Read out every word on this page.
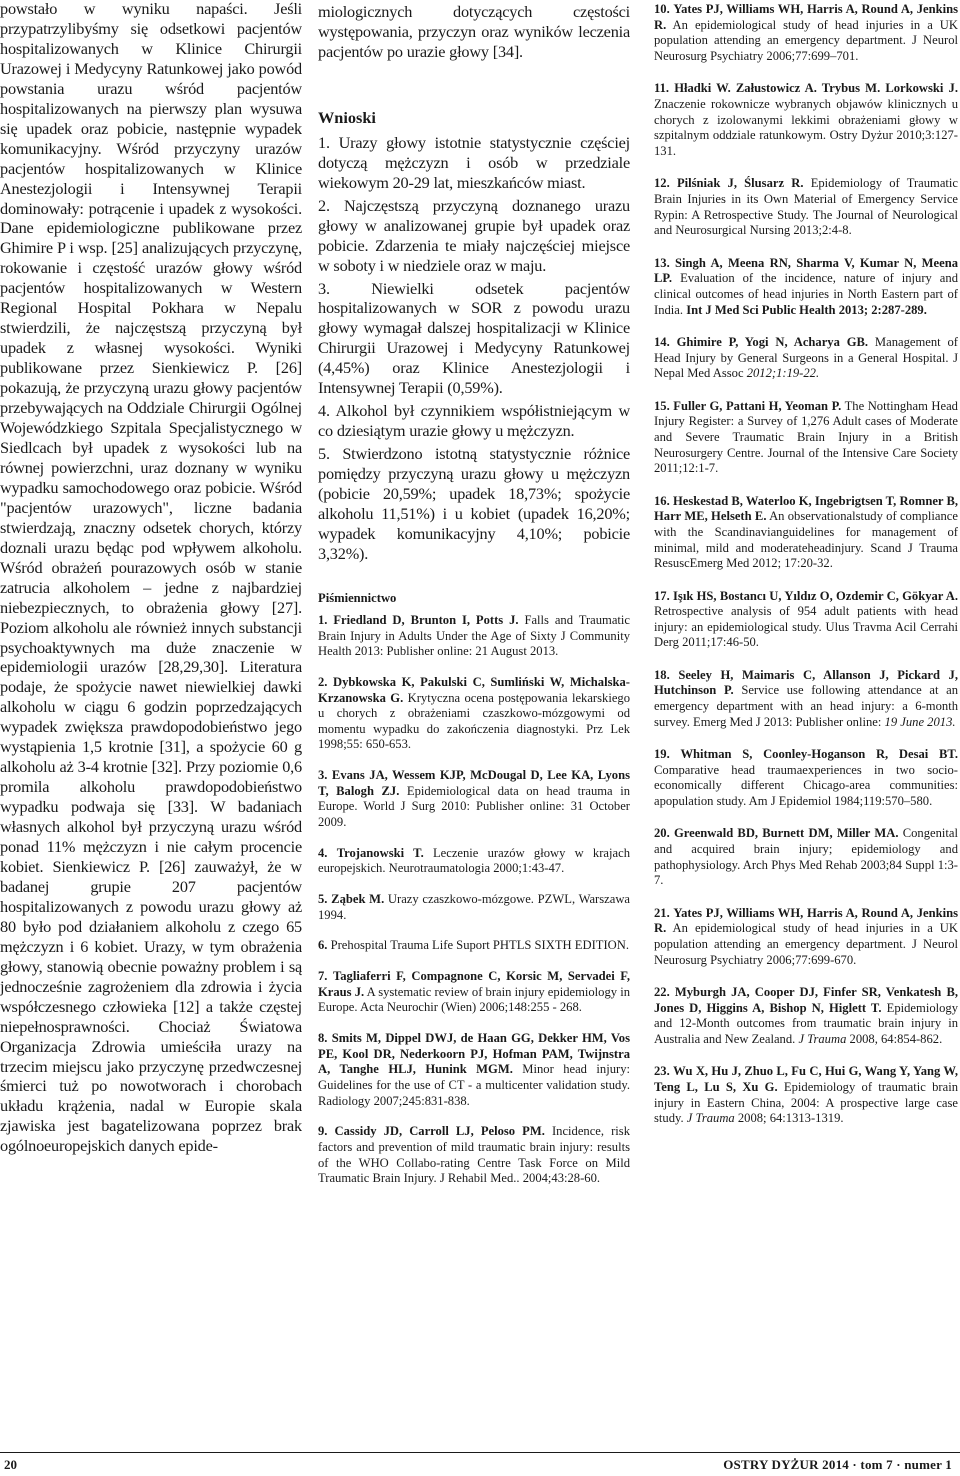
powstało w wyniku napaści. Jeśli przypatrzylibyśmy się odsetkowi pacjentów hospitalizowanych w Klinice Chirurgii Urazowej i Medycyny Ratunkowej jako powód powstania urazu wśród pacjentów hospitalizowanych na pierwszy plan wysuwa się upadek oraz pobicie, następnie wypadek komunikacyjny. Wśród przyczyny urazów pacjentów hospitalizowanych w Klinice Anestezjologii i Intensywnej Terapii dominowały: potrącenie i upadek z wysokości. Dane epidemiologiczne publikowane przez Ghimire P i wsp. [25] analizujących przyczynę, rokowanie i częstość urazów głowy wśród pacjentów hospitalizowanych w Western Regional Hospital Pokhara w Nepalu stwierdzili, że najczęstszą przyczyną był upadek z własnej wysokości. Wyniki publikowane przez Sienkiewicz P. [26] pokazują, że przyczyną urazu głowy pacjentów przebywających na Oddziale Chirurgii Ogólnej Wojewódzkiego Szpitala Specjalistycznego w Siedlcach był upadek z wysokości lub na równej powierzchni, uraz doznany w wyniku wypadku samochodowego oraz pobicie. Wśród "pacjentów urazowych", liczne badania stwierdzają, znaczny odsetek chorych, którzy doznali urazu będąc pod wpływem alkoholu. Wśród obrażeń pourazowych osób w stanie zatrucia alkoholem – jedne z najbardziej niebezpiecznych, to obrażenia głowy [27]. Poziom alkoholu ale również innych substancji psychoaktywnych ma duże znaczenie w epidemiologii urazów [28,29,30]. Literatura podaje, że spożycie nawet niewielkiej dawki alkoholu w ciągu 6 godzin poprzedzających wypadek zwiększa prawdopodobieństwo jego wystąpienia 1,5 krotnie [31], a spożycie 60 g alkoholu aż 3-4 krotnie [32]. Przy poziomie 0,6 promila alkoholu prawdopodobieństwo wypadku podwaja się [33]. W badaniach własnych alkohol był przyczyną urazu wśród ponad 11% mężczyzn i nie całym procencie kobiet. Sienkiewicz P. [26] zauważył, że w badanej grupie 207 pacjentów hospitalizowanych z powodu urazu głowy aż 80 było pod działaniem alkoholu z czego 65 mężczyzn i 6 kobiet. Urazy, w tym obrażenia głowy, stanowią obecnie poważny problem i są jednocześnie zagrożeniem dla zdrowia i życia współczesnego człowieka [12] a także częstej niepełnosprawności. Chociaż Światowa Organizacja Zdrowia umieściła urazy na trzecim miejscu jako przyczynę przedwczesnej śmierci tuż po nowotworach i chorobach układu krążenia, nadal w Europie skala zjawiska jest bagatelizowana poprzez brak ogólnoeuropejskich danych epide-
miologicznych dotyczących częstości występowania, przyczyn oraz wyników leczenia pacjentów po urazie głowy [34].
Wnioski
1. Urazy głowy istotnie statystycznie częściej dotyczą mężczyzn i osób w przedziale wiekowym 20-29 lat, mieszkańców miast.
2. Najczęstszą przyczyną doznanego urazu głowy w analizowanej grupie był upadek oraz pobicie. Zdarzenia te miały najczęściej miejsce w soboty i w niedziele oraz w maju.
3. Niewielki odsetek pacjentów hospitalizowanych w SOR z powodu urazu głowy wymagał dalszej hospitalizacji w Klinice Chirurgii Urazowej i Medycyny Ratunkowej (4,45%) oraz Klinice Anestezjologii i Intensywnej Terapii (0,59%).
4. Alkohol był czynnikiem współistniejącym w co dziesiątym urazie głowy u mężczyzn.
5. Stwierdzono istotną statystycznie różnice pomiędzy przyczyną urazu głowy u mężczyzn (pobicie 20,59%; upadek 18,73%; spożycie alkoholu 11,51%) i u kobiet (upadek 16,20%; wypadek komunikacyjny 4,10%; pobicie 3,32%).
Piśmiennictwo
1. Friedland D, Brunton I, Potts J. Falls and Traumatic Brain Injury in Adults Under the Age of Sixty J Community Health 2013: Publisher online: 21 August 2013.
2. Dybkowska K, Pakulski C, Sumliński W, Michalska-Krzanowska G. Krytyczna ocena postępowania lekarskiego u chorych z obrażeniami czaszkowo-mózgowymi od momentu wypadku do zakończenia diagnostyki. Prz Lek 1998;55: 650-653.
3. Evans JA, Wessem KJP, McDougal D, Lee KA, Lyons T, Balogh ZJ. Epidemiological data on head trauma in Europe. World J Surg 2010: Publisher online: 31 October 2009.
4. Trojanowski T. Leczenie urazów głowy w krajach europejskich. Neurotraumatologia 2000;1:43-47.
5. Ząbek M. Urazy czaszkowo-mózgowe. PZWL, Warszawa 1994.
6. Prehospital Trauma Life Suport PHTLS SIXTH EDITION.
7. Tagliaferri F, Compagnone C, Korsic M, Servadei F, Kraus J. A systematic review of brain injury epidemiology in Europe. Acta Neurochir (Wien) 2006;148:255 - 268.
8. Smits M, Dippel DWJ, de Haan GG, Dekker HM, Vos PE, Kool DR, Nederkoorn PJ, Hofman PAM, Twijnstra A, Tanghe HLJ, Hunink MGM. Minor head injury: Guidelines for the use of CT - a multicenter validation study. Radiology 2007;245:831-838.
9. Cassidy JD, Carroll LJ, Peloso PM. Incidence, risk factors and prevention of mild traumatic brain injury: results of the WHO Collabo-rating Centre Task Force on Mild Traumatic Brain Injury. J Rehabil Med.. 2004;43:28-60.
10. Yates PJ, Williams WH, Harris A, Round A, Jenkins R. An epidemiological study of head injuries in a UK population attending an emergency department. J Neurol Neurosurg Psychiatry 2006;77:699–701.
11. Hładki W. Załustowicz A. Trybus M. Lorkowski J. Znaczenie rokownicze wybranych objawów klinicznych u chorych z izolowanymi lekkimi obrażeniami głowy w szpitalnym oddziale ratunkowym. Ostry Dyżur 2010;3:127-131.
12. Pilśniak J, Ślusarz R. Epidemiology of Traumatic Brain Injuries in its Own Material of Emergency Service Rypin: A Retrospective Study. The Journal of Neurological and Neurosurgical Nursing 2013;2:4-8.
13. Singh A, Meena RN, Sharma V, Kumar N, Meena LP. Evaluation of the incidence, nature of injury and clinical outcomes of head injuries in North Eastern part of India. Int J Med Sci Public Health 2013; 2:287-289.
14. Ghimire P, Yogi N, Acharya GB. Management of Head Injury by General Surgeons in a General Hospital. J Nepal Med Assoc 2012;1:19-22.
15. Fuller G, Pattani H, Yeoman P. The Nottingham Head Injury Register: a Survey of 1,276 Adult cases of Moderate and Severe Traumatic Brain Injury in a British Neurosurgery Centre. Journal of the Intensive Care Society 2011;12:1-7.
16. Heskestad B, Waterloo K, Ingebrigtsen T, Romner B, Harr ME, Helseth E. An observationalstudy of compliance with the Scandinavianguidelines for management of minimal, mild and moderateheadinjury. Scand J Trauma ResuscEmerg Med 2012; 17:20-32.
17. Işık HS, Bostancı U, Yıldız O, Ozdemir C, Gökyar A. Retrospective analysis of 954 adult patients with head injury: an epidemiological study. Ulus Travma Acil Cerrahi Derg 2011;17:46-50.
18. Seeley H, Maimaris C, Allanson J, Pickard J, Hutchinson P. Service use following attendance at an emergency department with an head injury: a 6-month survey. Emerg Med J 2013: Publisher online: 19 June 2013.
19. Whitman S, Coonley-Hoganson R, Desai BT. Comparative head traumaexperiences in two socio-economically different Chicago-area communities: apopulation study. Am J Epidemiol 1984;119:570–580.
20. Greenwald BD, Burnett DM, Miller MA. Congenital and acquired brain injury; epidemiology and pathophysiology. Arch Phys Med Rehab 2003;84 Suppl 1:3-7.
21. Yates PJ, Williams WH, Harris A, Round A, Jenkins R. An epidemiological study of head injuries in a UK population attending an emergency department. J Neurol Neurosurg Psychiatry 2006;77:699-670.
22. Myburgh JA, Cooper DJ, Finfer SR, Venkatesh B, Jones D, Higgins A, Bishop N, Higlett T. Epidemiology and 12-Month outcomes from traumatic brain injury in Australia and New Zealand. J Trauma 2008, 64:854-862.
23. Wu X, Hu J, Zhuo L, Fu C, Hui G, Wang Y, Yang W, Teng L, Lu S, Xu G. Epidemiology of traumatic brain injury in Eastern China, 2004: A prospective large case study. J Trauma 2008; 64:1313-1319.
20	OSTRY DYŻUR 2014 · tom 7 · numer 1
